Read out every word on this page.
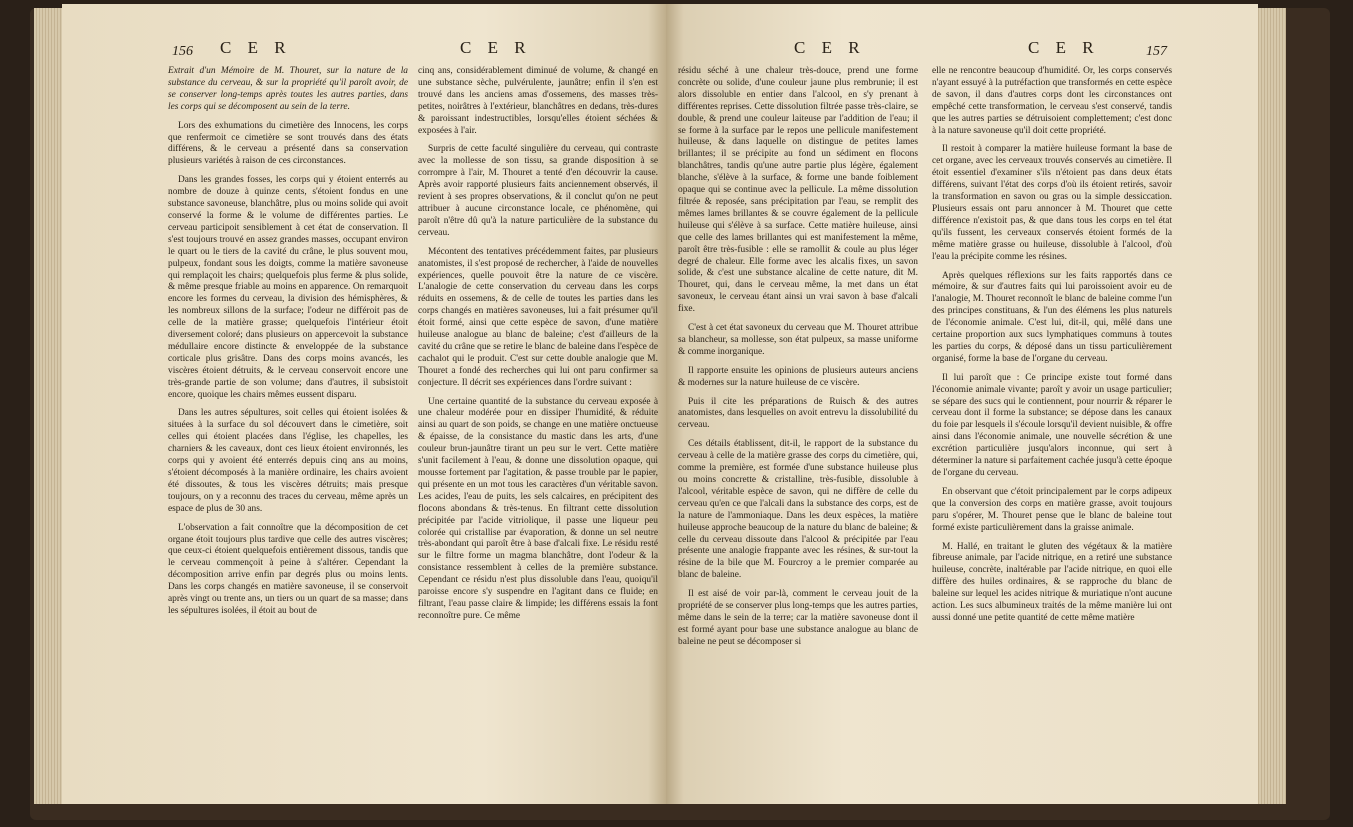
156 C E R	C E R

Extrait d'un Mémoire de M. Thouret, sur la nature de la substance du cerveau, & sur la propriété qu'il paroît avoir, de se conserver long-temps après toutes les autres parties, dans les corps qui se décomposent au sein de la terre.

Lors des exhumations du cimetière des Innocens, les corps que renfermoit ce cimetière se sont trouvés dans des états différens, & le cerveau a présenté dans sa conservation plusieurs variétés à raison de ces circonstances.

Dans les grandes fosses, les corps qui y étoient enterrés au nombre de douze à quinze cents, s'étoient fondus en une substance savoneuse, blanchâtre, plus ou moins solide qui avoit conservé la forme & le volume de différentes parties. Le cerveau participoit sensiblement à cet état de conservation. Il s'est toujours trouvé en assez grandes masses, occupant environ le quart ou le tiers de la cavité du crâne, le plus souvent mou, pulpeux, fondant sous les doigts, comme la matière savoneuse qui remplaçoit les chairs; quelquefois plus ferme & plus solide, & même presque friable au moins en apparence. On remarquoit encore les formes du cerveau, la division des hémisphères, & les nombreux sillons de la surface; l'odeur ne différoit pas de celle de la matière grasse; quelquefois l'intérieur étoit diversement coloré; dans plusieurs on appercevoit la substance médullaire encore distincte & enveloppée de la substance corticale plus grisâtre. Dans des corps moins avancés, les viscères étoient détruits, & le cerveau conservoit encore une très-grande partie de son volume; dans d'autres, il subsistoit encore, quoique les chairs mêmes eussent disparu.

Dans les autres sépultures, soit celles qui étoient isolées & situées à la surface du sol découvert dans le cimetière, soit celles qui étoient placées dans l'église, les chapelles, les charniers & les caveaux, dont ces lieux étoient environnés, les corps qui y avoient été enterrés depuis cinq ans au moins, s'étoient décomposés à la manière ordinaire, les chairs avoient été dissoutes, & tous les viscères détruits; mais presque toujours, on y a reconnu des traces du cerveau, même après un espace de plus de 30 ans.

L'observation a fait connoître que la décomposition de cet organe étoit toujours plus tardive que celle des autres viscères; que ceux-ci étoient quelquefois entièrement dissous, tandis que le cerveau commençoit à peine à s'altérer. Cependant la décomposition arrive enfin par degrés plus ou moins lents. Dans les corps changés en matière savoneuse, il se conservoit après vingt ou trente ans, un tiers ou un quart de sa masse; dans les sépultures isolées, il étoit au bout de

cinq ans, considérablement diminué de volume, & changé en une substance sèche, pulvérulente, jaunâtre; enfin il s'en est trouvé dans les anciens amas d'ossemens, des masses très-petites, noirâtres à l'extérieur, blanchâtres en dedans, très-dures & paroissant indestructibles, lorsqu'elles étoient séchées & exposées à l'air.

Surpris de cette faculté singulière du cerveau, qui contraste avec la mollesse de son tissu, sa grande disposition à se corrompre à l'air, M. Thouret a tenté d'en découvrir la cause. Après avoir rapporté plusieurs faits anciennement observés, il revient à ses propres observations, & il conclut qu'on ne peut attribuer à aucune circonstance locale, ce phénomène, qui paroît n'être dû qu'à la nature particulière de la substance du cerveau.

Mécontent des tentatives précédemment faites, par plusieurs anatomistes, il s'est proposé de rechercher, à l'aide de nouvelles expériences, quelle pouvoit être la nature de ce viscère. L'analogie de cette conservation du cerveau dans les corps réduits en ossemens, & de celle de toutes les parties dans les corps changés en matières savoneuses, lui a fait présumer qu'il étoit formé, ainsi que cette espèce de savon, d'une matière huileuse analogue au blanc de baleine; c'est d'ailleurs de la cavité du crâne que se retire le blanc de baleine dans l'espèce de cachalot qui le produit. C'est sur cette double analogie que M. Thouret a fondé des recherches qui lui ont paru confirmer sa conjecture. Il décrit ses expériences dans l'ordre suivant :

Une certaine quantité de la substance du cerveau exposée à une chaleur modérée pour en dissiper l'humidité, & réduite ainsi au quart de son poids, se change en une matière onctueuse & épaisse, de la consistance du mastic dans les arts, d'une couleur brun-jaunâtre tirant un peu sur le vert. Cette matière s'unit facilement à l'eau, & donne une dissolution opaque, qui mousse fortement par l'agitation, & passe trouble par le papier, qui présente en un mot tous les caractères d'un véritable savon. Les acides, l'eau de puits, les sels calcaires, en précipitent des flocons abondans & très-tenus. En filtrant cette dissolution précipitée par l'acide vitriolique, il passe une liqueur peu colorée qui cristallise par évaporation, & donne un sel neutre très-abondant qui paroît être à base d'alcali fixe. Le résidu resté sur le filtre forme un magma blanchâtre, dont l'odeur & la consistance ressemblent à celles de la première substance. Cependant ce résidu n'est plus dissoluble dans l'eau, quoiqu'il paroisse encore s'y suspendre en l'agitant dans ce fluide; en filtrant, l'eau passe claire & limpide; les différens essais la font reconnoître pure. Ce même

C E R	C E R	157

résidu séché à une chaleur très-douce, prend une forme concrète ou solide, d'une couleur jaune plus rembrunie; il est alors dissoluble en entier dans l'alcool, en s'y prenant à différentes reprises. Cette dissolution filtrée passe très-claire, se double, & prend une couleur laiteuse par l'addition de l'eau; il se forme à la surface par le repos une pellicule manifestement huileuse, & dans laquelle on distingue de petites lames brillantes; il se précipite au fond un sédiment en flocons blanchâtres, tandis qu'une autre partie plus légère, également blanche, s'élève à la surface, & forme une bande foiblement opaque qui se continue avec la pellicule. La même dissolution filtrée & reposée, sans précipitation par l'eau, se remplit des mêmes lames brillantes & se couvre également de la pellicule huileuse qui s'élève à sa surface. Cette matière huileuse, ainsi que celle des lames brillantes qui est manifestement la même, paroît être très-fusible : elle se ramollit & coule au plus léger degré de chaleur. Elle forme avec les alcalis fixes, un savon solide, & c'est une substance alcaline de cette nature, dit M. Thouret, qui, dans le cerveau même, la met dans un état savoneux, le cerveau étant ainsi un vrai savon à base d'alcali fixe.

C'est à cet état savoneux du cerveau que M. Thouret attribue sa blancheur, sa mollesse, son état pulpeux, sa masse uniforme & comme inorganique.

Il rapporte ensuite les opinions de plusieurs auteurs anciens & modernes sur la nature huileuse de ce viscère.

Puis il cite les préparations de Ruisch & des autres anatomistes, dans lesquelles on avoit entrevu la dissolubilité du cerveau.

Ces détails établissent, dit-il, le rapport de la substance du cerveau à celle de la matière grasse des corps du cimetière, qui, comme la première, est formée d'une substance huileuse plus ou moins concrette & cristalline, très-fusible, dissoluble à l'alcool, véritable espèce de savon, qui ne diffère de celle du cerveau qu'en ce que l'alcali dans la substance des corps, est de la nature de l'ammoniaque. Dans les deux espèces, la matière huileuse approche beaucoup de la nature du blanc de baleine; & celle du cerveau dissoute dans l'alcool & précipitée par l'eau présente une analogie frappante avec les résines, & sur-tout la résine de la bile que M. Fourcroy a le premier comparée au blanc de baleine.

Il est aisé de voir par-là, comment le cerveau jouit de la propriété de se conserver plus long-temps que les autres parties, même dans le sein de la terre; car la matière savoneuse dont il est formé ayant pour base une substance analogue au blanc de baleine ne peut se décomposer si

elle ne rencontre beaucoup d'humidité. Or, les corps conservés n'ayant essuyé à la putréfaction que transformés en cette espèce de savon, il dans d'autres corps dont les circonstances ont empêché cette transformation, le cerveau s'est conservé, tandis que les autres parties se détruisoient complettement; c'est donc à la nature savoneuse qu'il doit cette propriété.

Il restoit à comparer la matière huileuse formant la base de cet organe, avec les cerveaux trouvés conservés au cimetière. Il étoit essentiel d'examiner s'ils n'étoient pas dans deux états différens, suivant l'état des corps d'où ils étoient retirés, savoir la transformation en savon ou gras ou la simple dessiccation. Plusieurs essais ont paru annoncer à M. Thouret que cette différence n'existoit pas, & que dans tous les corps en tel état qu'ils fussent, les cerveaux conservés étoient formés de la même matière grasse ou huileuse, dissoluble à l'alcool, d'où l'eau la précipite comme les résines.

Après quelques réflexions sur les faits rapportés dans ce mémoire, & sur d'autres faits qui lui paroissoient avoir eu de l'analogie, M. Thouret reconnoît le blanc de baleine comme l'un des principes constituans, & l'un des élémens les plus naturels de l'économie animale. C'est lui, dit-il, qui, mêlé dans une certaine proportion aux sucs lymphatiques communs à toutes les parties du corps, & déposé dans un tissu particulièrement organisé, forme la base de l'organe du cerveau.

Il lui paroît que : Ce principe existe tout formé dans l'économie animale vivante; paroît y avoir un usage particulier; se sépare des sucs qui le contiennent, pour nourrir & réparer le cerveau dont il forme la substance; se dépose dans les canaux du foie par lesquels il s'écoule lorsqu'il devient nuisible, & offre ainsi dans l'économie animale, une nouvelle sécrétion & une excrétion particulière jusqu'alors inconnue, qui sert à déterminer la nature si parfaitement cachée jusqu'à cette époque de l'organe du cerveau.

En observant que c'étoit principalement par le corps adipeux que la conversion des corps en matière grasse, avoit toujours paru s'opérer, M. Thouret pense que le blanc de baleine tout formé existe particulièrement dans la graisse animale.

M. Hallé, en traitant le gluten des végétaux & la matière fibreuse animale, par l'acide nitrique, en a retiré une substance huileuse, concrète, inaltérable par l'acide nitrique, en quoi elle diffère des huiles ordinaires, & se rapproche du blanc de baleine sur lequel les acides nitrique & muriatique n'ont aucune action. Les sucs albumineux traités de la même manière lui ont aussi donné une petite quantité de cette même matière
